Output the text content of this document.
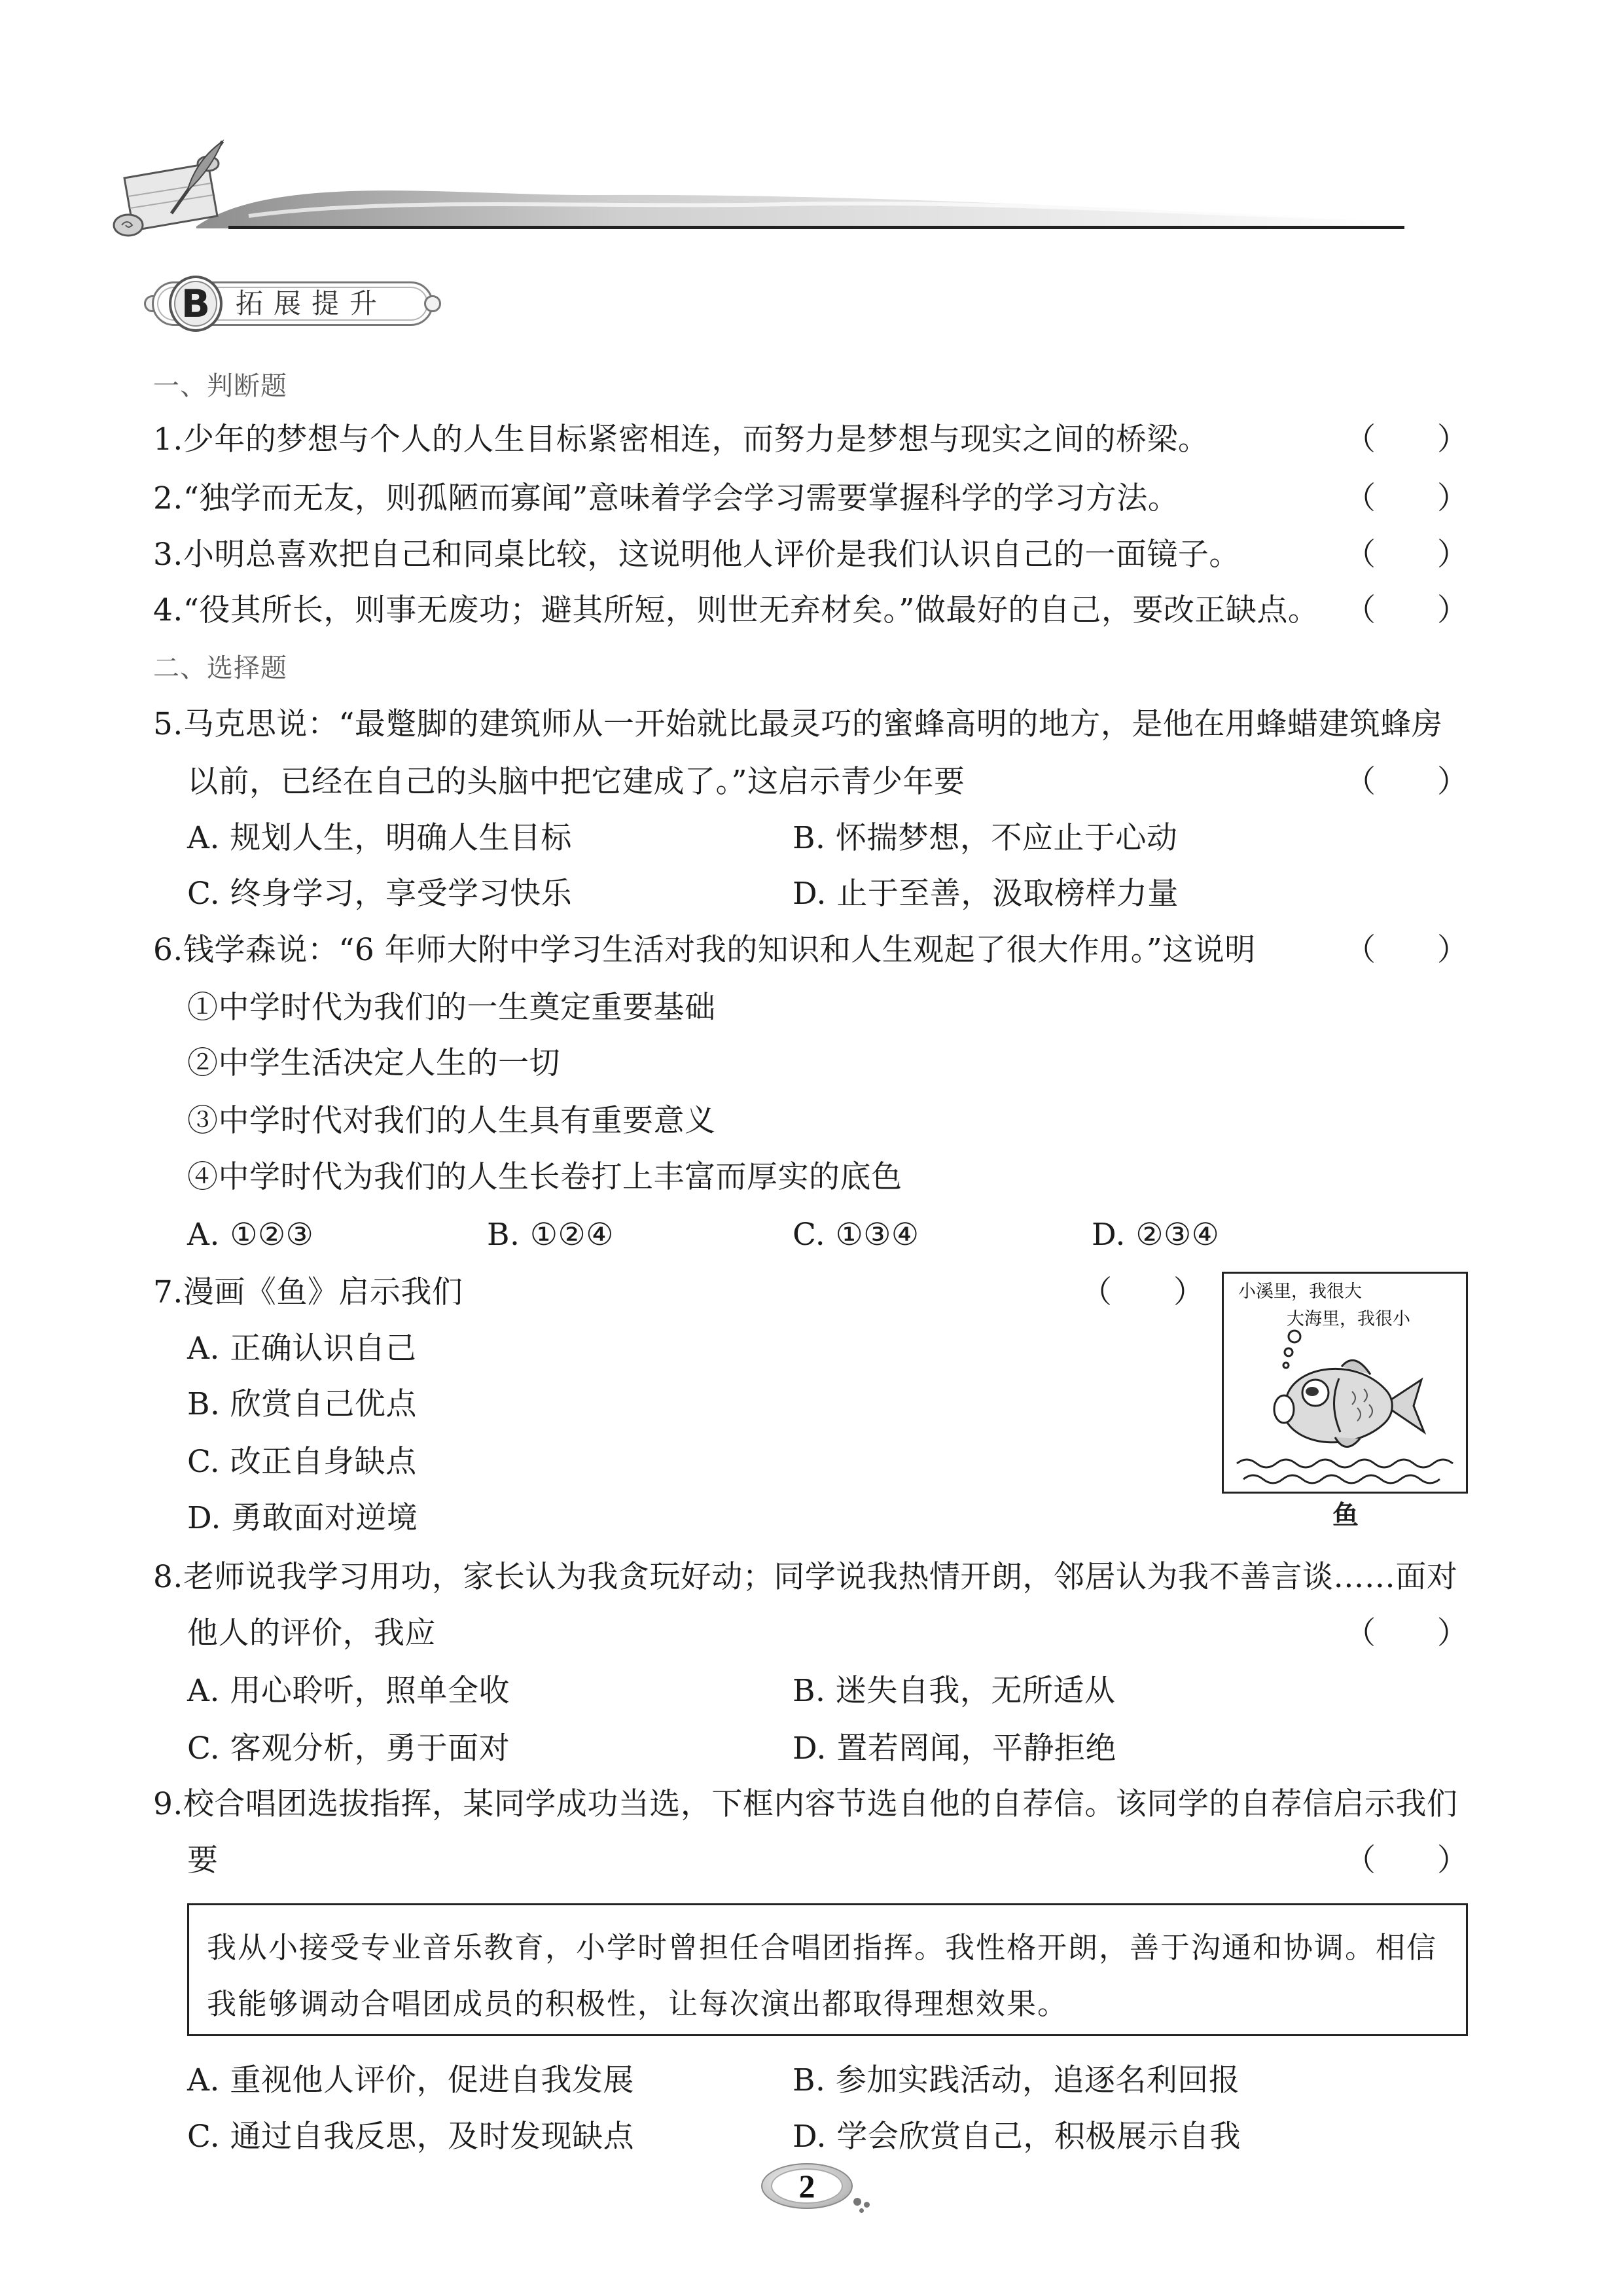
B 拓展提升
一、判断题
1.少年的梦想与个人的人生目标紧密相连，而努力是梦想与现实之间的桥梁。	（　　）
2.“独学而无友，则孤陋而寡闻”意味着学会学习需要掌握科学的学习方法。	（　　）
3.小明总喜欢把自己和同桌比较，这说明他人评价是我们认识自己的一面镜子。	（　　）
4.“役其所长，则事无废功；避其所短，则世无弃材矣。”做最好的自己，要改正缺点。 （　　）
二、选择题
5.马克思说：“最蹩脚的建筑师从一开始就比最灵巧的蜜蜂高明的地方，是他在用蜂蜡建筑蜂房
以前，已经在自己的头脑中把它建成了。”这启示青少年要	（　　）
A. 规划人生，明确人生目标	B. 怀揣梦想，不应止于心动
C. 终身学习，享受学习快乐	D. 止于至善，汲取榜样力量
6.钱学森说：“6 年师大附中学习生活对我的知识和人生观起了很大作用。”这说明	（　　）
①中学时代为我们的一生奠定重要基础
②中学生活决定人生的一切
③中学时代对我们的人生具有重要意义
④中学时代为我们的人生长卷打上丰富而厚实的底色
A. ①②③	B. ①②④	C. ①③④	D. ②③④
7.漫画《鱼》启示我们	（　　）
A. 正确认识自己
B. 欣赏自己优点
C. 改正自身缺点
D. 勇敢面对逆境
小溪里，我很大
大海里，我很小
鱼
8.老师说我学习用功，家长认为我贪玩好动；同学说我热情开朗，邻居认为我不善言谈……面对
他人的评价，我应	（　　）
A. 用心聆听，照单全收	B. 迷失自我，无所适从
C. 客观分析，勇于面对	D. 置若罔闻，平静拒绝
9.校合唱团选拔指挥，某同学成功当选，下框内容节选自他的自荐信。该同学的自荐信启示我们
要	（　　）
我从小接受专业音乐教育，小学时曾担任合唱团指挥。我性格开朗，善于沟通和协调。相信
我能够调动合唱团成员的积极性，让每次演出都取得理想效果。
A. 重视他人评价，促进自我发展	B. 参加实践活动，追逐名利回报
C. 通过自我反思，及时发现缺点	D. 学会欣赏自己，积极展示自我
2
